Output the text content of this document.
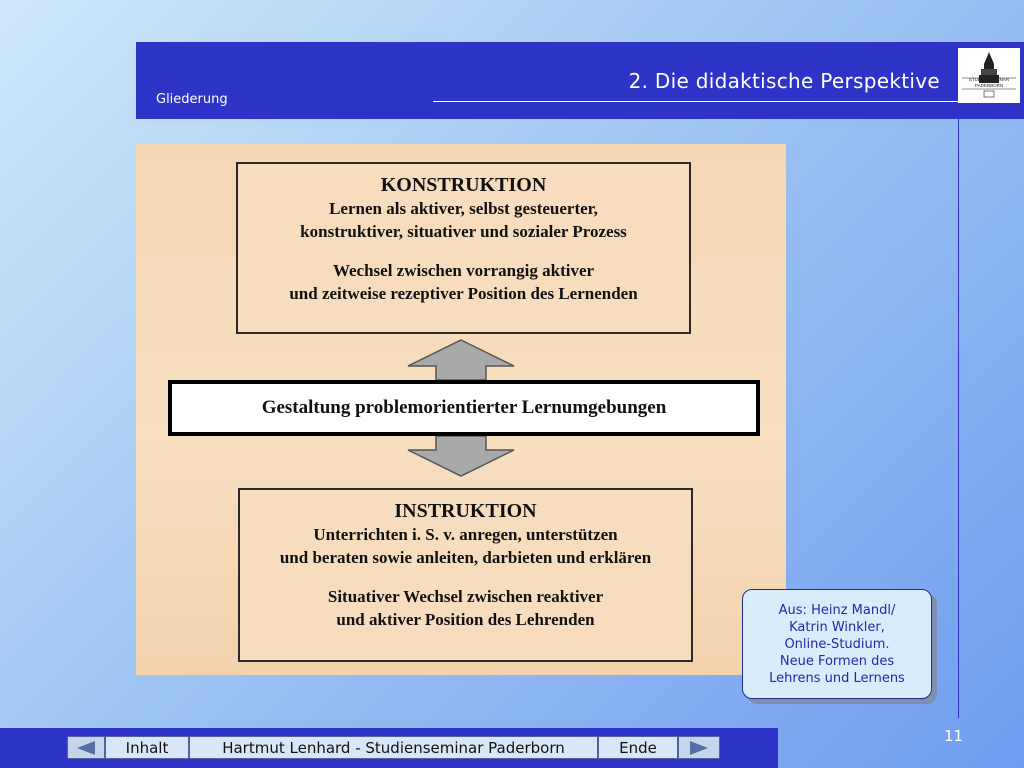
2. Die didaktische Perspektive
Gliederung
STUDIENSEMINAR
PADERBORN
KONSTRUKTION
Lernen als aktiver, selbst gesteuerter,
konstruktiver, situativer und sozialer Prozess
Wechsel zwischen vorrangig aktiver
und zeitweise rezeptiver Position des Lernenden
Gestaltung problemorientierter Lernumgebungen
INSTRUKTION
Unterrichten i. S. v. anregen, unterstützen
und beraten sowie anleiten, darbieten und erklären
Situativer Wechsel zwischen reaktiver
und aktiver Position des Lehrenden	Aus: Heinz Mandl/
Katrin Winkler,
Online-Studium.
Neue Formen des
Lehrens und Lernens
11
Inhalt	Hartmut Lenhard - Studienseminar Paderborn	Ende
